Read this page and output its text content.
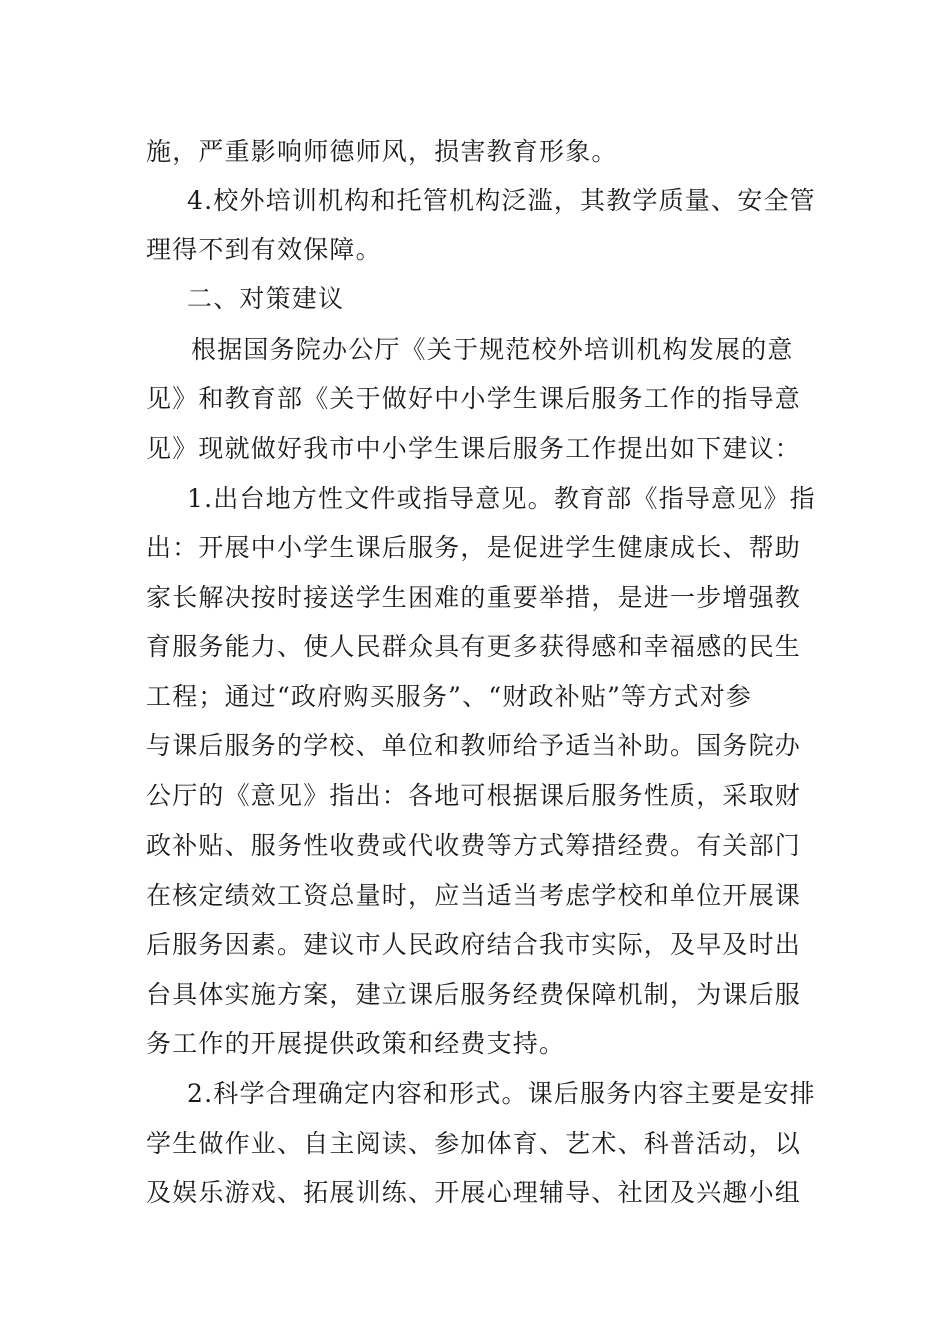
施，严重影响师德师风，损害教育形象。
4.校外培训机构和托管机构泛滥，其教学质量、安全管
理得不到有效保障。
二、对策建议
根据国务院办公厅《关于规范校外培训机构发展的意
见》和教育部《关于做好中小学生课后服务工作的指导意
见》现就做好我市中小学生课后服务工作提出如下建议：
1.出台地方性文件或指导意见。教育部《指导意见》指
出：开展中小学生课后服务，是促进学生健康成长、帮助
家长解决按时接送学生困难的重要举措，是进一步增强教
育服务能力、使人民群众具有更多获得感和幸福感的民生
工程；通过“政府购买服务”、“财政补贴”等方式对参
与课后服务的学校、单位和教师给予适当补助。国务院办
公厅的《意见》指出：各地可根据课后服务性质，采取财
政补贴、服务性收费或代收费等方式筹措经费。有关部门
在核定绩效工资总量时，应当适当考虑学校和单位开展课
后服务因素。建议市人民政府结合我市实际，及早及时出
台具体实施方案，建立课后服务经费保障机制，为课后服
务工作的开展提供政策和经费支持。
2.科学合理确定内容和形式。课后服务内容主要是安排
学生做作业、自主阅读、参加体育、艺术、科普活动，以
及娱乐游戏、拓展训练、开展心理辅导、社团及兴趣小组
